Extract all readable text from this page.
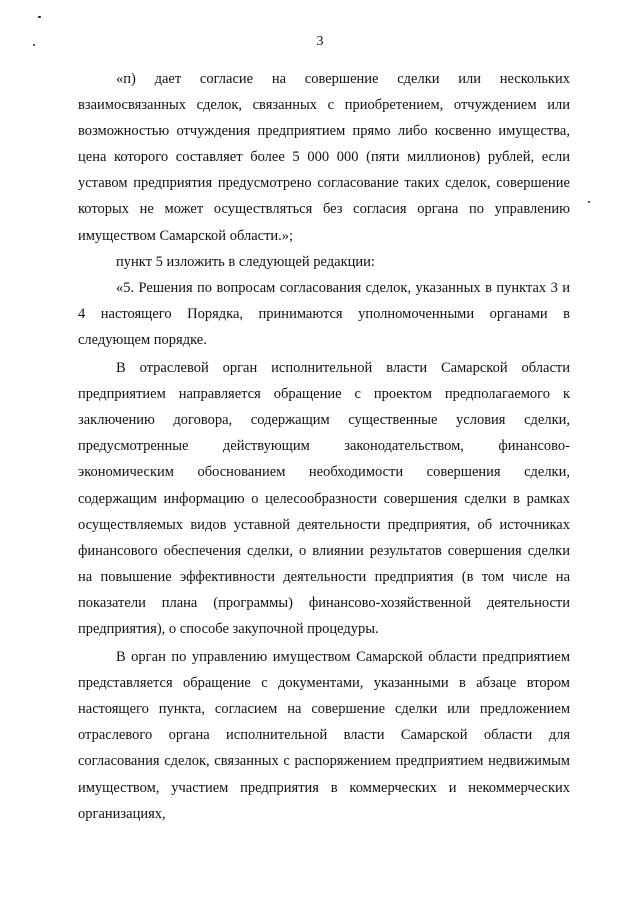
3

«п) дает согласие на совершение сделки или нескольких взаимосвязанных сделок, связанных с приобретением, отчуждением или возможностью отчуждения предприятием прямо либо косвенно имущества, цена которого составляет более 5 000 000 (пяти миллионов) рублей, если уставом предприятия предусмотрено согласование таких сделок, совершение которых не может осуществляться без согласия органа по управлению имуществом Самарской области.»;

пункт 5 изложить в следующей редакции:

«5. Решения по вопросам согласования сделок, указанных в пунктах 3 и 4 настоящего Порядка, принимаются уполномоченными органами в следующем порядке.

В отраслевой орган исполнительной власти Самарской области предприятием направляется обращение с проектом предполагаемого к заключению договора, содержащим существенные условия сделки, предусмотренные действующим законодательством, финансово-экономическим обоснованием необходимости совершения сделки, содержащим информацию о целесообразности совершения сделки в рамках осуществляемых видов уставной деятельности предприятия, об источниках финансового обеспечения сделки, о влиянии результатов совершения сделки на повышение эффективности деятельности предприятия (в том числе на показатели плана (программы) финансово-хозяйственной деятельности предприятия), о способе закупочной процедуры.

В орган по управлению имуществом Самарской области предприятием представляется обращение с документами, указанными в абзаце втором настоящего пункта, согласием на совершение сделки или предложением отраслевого органа исполнительной власти Самарской области для согласования сделок, связанных с распоряжением предприятием недвижимым имуществом, участием предприятия в коммерческих и некоммерческих организациях,
